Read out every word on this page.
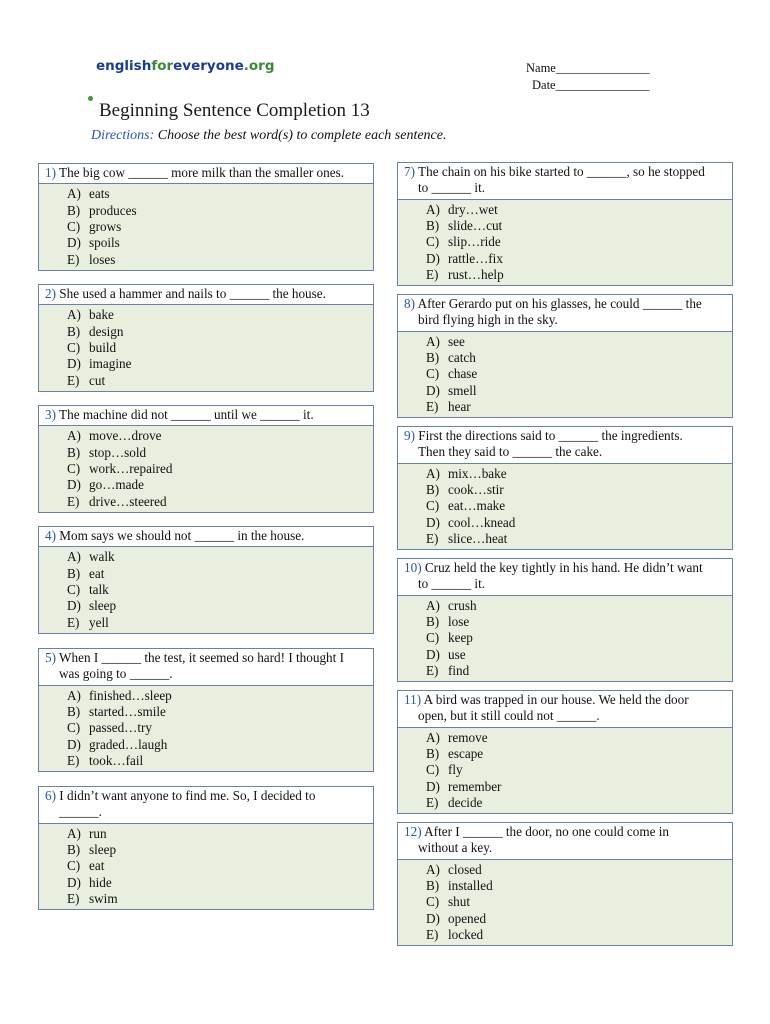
englishforeveryone.org	Name_______________
Date_______________
Beginning Sentence Completion 13
Directions: Choose the best word(s) to complete each sentence.
1) The big cow ______ more milk than the smaller ones.
A) eats
B) produces
C) grows
D) spoils
E) loses
2) She used a hammer and nails to ______ the house.
A) bake
B) design
C) build
D) imagine
E) cut
3) The machine did not ______ until we ______ it.
A) move…drove
B) stop…sold
C) work…repaired
D) go…made
E) drive…steered
4) Mom says we should not ______ in the house.
A) walk
B) eat
C) talk
D) sleep
E) yell
5) When I ______ the test, it seemed so hard! I thought I
was going to ______.
A) finished…sleep
B) started…smile
C) passed…try
D) graded…laugh
E) took…fail
6) I didn’t want anyone to find me. So, I decided to
______.
A) run
B) sleep
C) eat
D) hide
E) swim
7) The chain on his bike started to ______, so he stopped
to ______ it.
A) dry…wet
B) slide…cut
C) slip…ride
D) rattle…fix
E) rust…help
8) After Gerardo put on his glasses, he could ______ the
bird flying high in the sky.
A) see
B) catch
C) chase
D) smell
E) hear
9) First the directions said to ______ the ingredients.
Then they said to ______ the cake.
A) mix…bake
B) cook…stir
C) eat…make
D) cool…knead
E) slice…heat
10) Cruz held the key tightly in his hand. He didn’t want
to ______ it.
A) crush
B) lose
C) keep
D) use
E) find
11) A bird was trapped in our house. We held the door
open, but it still could not ______.
A) remove
B) escape
C) fly
D) remember
E) decide
12) After I ______ the door, no one could come in
without a key.
A) closed
B) installed
C) shut
D) opened
E) locked
